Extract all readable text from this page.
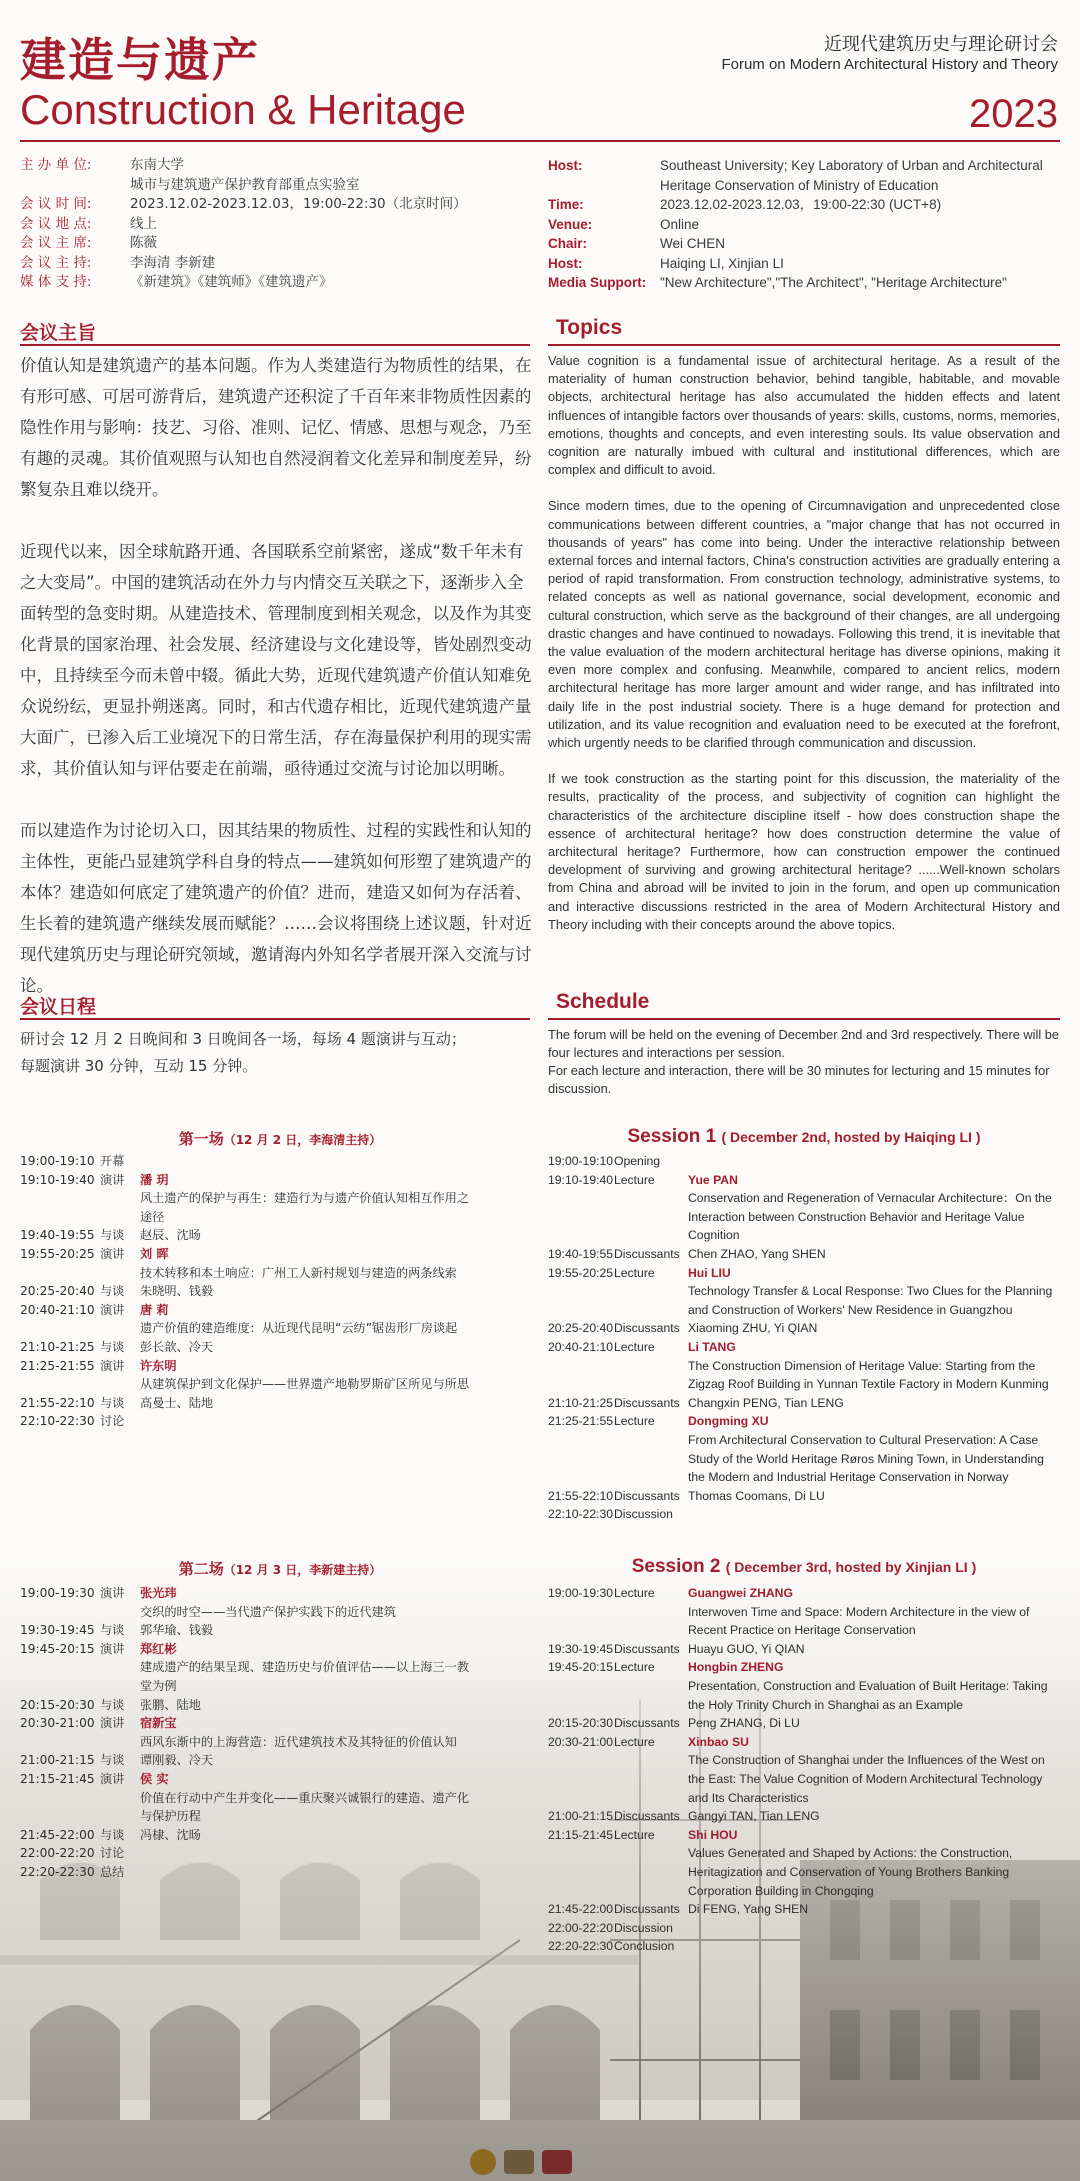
建造与遗产
Construction & Heritage
近现代建筑历史与理论研讨会
Forum on Modern Architectural History and Theory
2023
主 办 单 位:	东南大学
城市与建筑遗产保护教育部重点实验室
会 议 时 间:	2023.12.02-2023.12.03，19:00-22:30（北京时间）
会 议 地 点:	线上
会 议 主 席:	陈薇
会 议 主 持:	李海清 李新建
媒 体 支 持:	《新建筑》《建筑师》《建筑遗产》
Host:	Southeast University; Key Laboratory of Urban and Architectural Heritage Conservation of Ministry of Education
Time:	2023.12.02-2023.12.03，19:00-22:30 (UCT+8)
Venue:	Online
Chair:	Wei CHEN
Host:	Haiqing LI, Xinjian LI
Media Support:	"New Architecture","The Architect", "Heritage Architecture"
会议主旨	Topics

价值认知是建筑遗产的基本问题。作为人类建造行为物质性的结果，在有形可感、可居可游背后，建筑遗产还积淀了千百年来非物质性因素的隐性作用与影响：技艺、习俗、准则、记忆、情感、思想与观念，乃至有趣的灵魂。其价值观照与认知也自然浸润着文化差异和制度差异，纷繁复杂且难以绕开。

近现代以来，因全球航路开通、各国联系空前紧密，遂成“数千年未有之大变局”。中国的建筑活动在外力与内情交互关联之下，逐渐步入全面转型的急变时期。从建造技术、管理制度到相关观念，以及作为其变化背景的国家治理、社会发展、经济建设与文化建设等，皆处剧烈变动中，且持续至今而未曾中辍。循此大势，近现代建筑遗产价值认知难免众说纷纭，更显扑朔迷离。同时，和古代遗存相比，近现代建筑遗产量大面广，已渗入后工业境况下的日常生活，存在海量保护利用的现实需求，其价值认知与评估要走在前端，亟待通过交流与讨论加以明晰。

而以建造作为讨论切入口，因其结果的物质性、过程的实践性和认知的主体性，更能凸显建筑学科自身的特点——建筑如何形塑了建筑遗产的本体？建造如何底定了建筑遗产的价值？进而，建造又如何为存活着、生长着的建筑遗产继续发展而赋能？……会议将围绕上述议题，针对近现代建筑历史与理论研究领域，邀请海内外知名学者展开深入交流与讨论。

Value cognition is a fundamental issue of architectural heritage. As a result of the materiality of human construction behavior, behind tangible, habitable, and movable objects, architectural heritage has also accumulated the hidden effects and latent influences of intangible factors over thousands of years: skills, customs, norms, memories, emotions, thoughts and concepts, and even interesting souls. Its value observation and cognition are naturally imbued with cultural and institutional differences, which are complex and difficult to avoid.

Since modern times, due to the opening of Circumnavigation and unprecedented close communications between different countries, a "major change that has not occurred in thousands of years" has come into being. Under the interactive relationship between external forces and internal factors, China's construction activities are gradually entering a period of rapid transformation. From construction technology, administrative systems, to related concepts as well as national governance, social development, economic and cultural construction, which serve as the background of their changes, are all undergoing drastic changes and have continued to nowadays. Following this trend, it is inevitable that the value evaluation of the modern architectural heritage has diverse opinions, making it even more complex and confusing. Meanwhile, compared to ancient relics, modern architectural heritage has more larger amount and wider range, and has infiltrated into daily life in the post industrial society. There is a huge demand for protection and utilization, and its value recognition and evaluation need to be executed at the forefront, which urgently needs to be clariﬁed through communication and discussion.

If we took construction as the starting point for this discussion, the materiality of the results, practicality of the process, and subjectivity of cognition can highlight the characteristics of the architecture discipline itself - how does construction shape the essence of architectural heritage? how does construction determine the value of architectural heritage? Furthermore, how can construction empower the continued development of surviving and growing architectural heritage? ......Well-known scholars from China and abroad will be invited to join in the forum, and open up communication and interactive discussions restricted in the area of Modern Architectural History and Theory including with their concepts around the above topics.

会议日程	Schedule
研讨会 12 月 2 日晚间和 3 日晚间各一场，每场 4 题演讲与互动；
每题演讲 30 分钟，互动 15 分钟。
The forum will be held on the evening of December 2nd and 3rd respectively. There will be four lectures and interactions per session.
For each lecture and interaction, there will be 30 minutes for lecturing and 15 minutes for discussion.
第一场（12 月 2 日，李海清主持）	Session 1 ( December 2nd, hosted by Haiqing LI )
19:00-19:10 开幕
19:10-19:40 演讲	潘 玥
风土遗产的保护与再生：建造行为与遗产价值认知相互作用之途径
19:40-19:55 与谈	赵辰、沈旸
19:55-20:25 演讲	刘 晖
技术转移和本土响应：广州工人新村规划与建造的两条线索
20:25-20:40 与谈	朱晓明、钱毅
20:40-21:10 演讲	唐 莉
遗产价值的建造维度：从近现代昆明“云纺”锯齿形厂房谈起
21:10-21:25 与谈	彭长歆、冷天
21:25-21:55 演讲	许东明
从建筑保护到文化保护——世界遗产地勒罗斯矿区所见与所思
21:55-22:10 与谈	高曼士、陆地
22:10-22:30 讨论
19:00-19:10 Opening
19:10-19:40 Lecture	Yue PAN
Conservation and Regeneration of Vernacular Architecture：On the Interaction between Construction Behavior and Heritage Value Cognition
19:40-19:55 Discussants Chen ZHAO, Yang SHEN
19:55-20:25 Lecture	Hui LIU
Technology Transfer & Local Response: Two Clues for the Planning and Construction of Workers' New Residence in Guangzhou
20:25-20:40 Discussants Xiaoming ZHU, Yi QIAN
20:40-21:10 Lecture	Li TANG
The Construction Dimension of Heritage Value: Starting from the Zigzag Roof Building in Yunnan Textile Factory in Modern Kunming
21:10-21:25 Discussants Changxin PENG, Tian LENG
21:25-21:55 Lecture	Dongming XU
From Architectural Conservation to Cultural Preservation: A Case Study of the World Heritage Røros Mining Town, in Understanding the Modern and Industrial Heritage Conservation in Norway
21:55-22:10 Discussants Thomas Coomans, Di LU
22:10-22:30 Discussion
第二场（12 月 3 日，李新建主持）	Session 2 ( December 3rd, hosted by Xinjian LI )
19:00-19:30 演讲	张光玮
交织的时空——当代遗产保护实践下的近代建筑
19:30-19:45 与谈	郭华瑜、钱毅
19:45-20:15 演讲	郑红彬
建成遗产的结果呈现、建造历史与价值评估——以上海三一教堂为例
20:15-20:30 与谈	张鹏、陆地
20:30-21:00 演讲	宿新宝
西风东渐中的上海营造：近代建筑技术及其特征的价值认知
21:00-21:15 与谈	谭刚毅、冷天
21:15-21:45 演讲	侯 实
价值在行动中产生并变化——重庆聚兴诚银行的建造、遗产化与保护历程
21:45-22:00 与谈	冯棣、沈旸
22:00-22:20 讨论
22:20-22:30 总结
19:00-19:30 Lecture	Guangwei ZHANG
Interwoven Time and Space: Modern Architecture in the view of Recent Practice on Heritage Conservation
19:30-19:45 Discussants Huayu GUO, Yi QIAN
19:45-20:15 Lecture	Hongbin ZHENG
Presentation, Construction and Evaluation of Built Heritage: Taking the Holy Trinity Church in Shanghai as an Example
20:15-20:30 Discussants Peng ZHANG, Di LU
20:30-21:00 Lecture	Xinbao SU
The Construction of Shanghai under the Influences of the West on the East: The Value Cognition of Modern Architectural Technology and Its Characteristics
21:00-21:15 Discussants Gangyi TAN, Tian LENG
21:15-21:45 Lecture	Shi HOU
Values Generated and Shaped by Actions: the Construction, Heritagization and Conservation of Young Brothers Banking Corporation Building in Chongqing
21:45-22:00 Discussants Di FENG, Yang SHEN
22:00-22:20 Discussion
22:20-22:30 Conclusion
